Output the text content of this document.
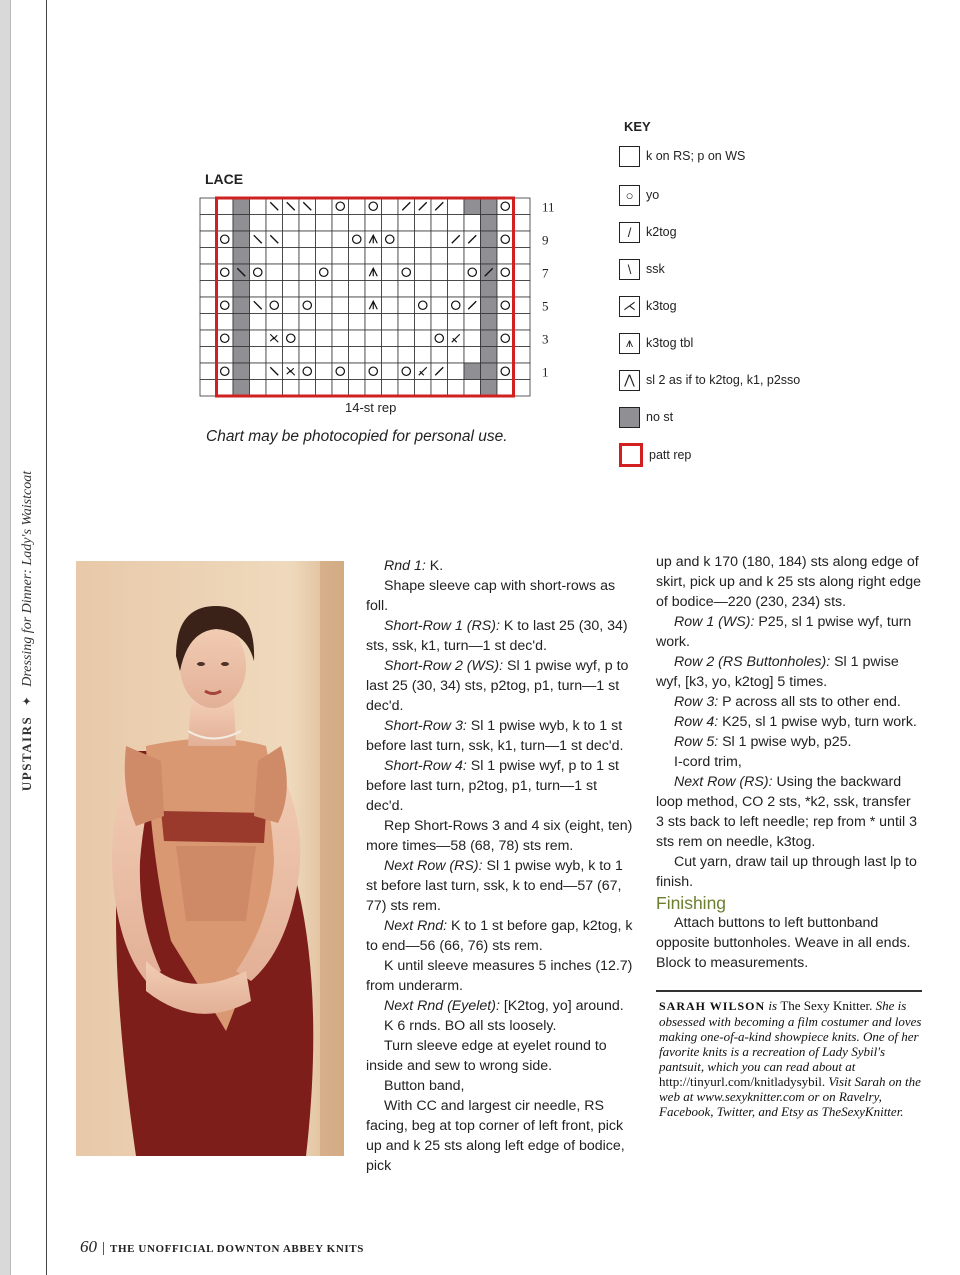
UPSTAIRS ✦ Dressing for Dinner: Lady's Waistcoat
LACE
11
9
7
5
3
1
14-st rep
Chart may be photocopied for personal use.
KEY
k on RS; p on WS
○	yo
/	k2tog
\	ssk
⋌ k3tog
⩚	k3tog tbl
⋀ sl 2 as if to k2tog, k1, p2sso
no st
patt rep

Rnd 1: K.

Shape sleeve cap with short-rows as foll.

Short-Row 1 (RS): K to last 25 (30, 34) sts, ssk, k1, turn—1 st dec'd.

Short-Row 2 (WS): Sl 1 pwise wyf, p to last 25 (30, 34) sts, p2tog, p1, turn—1 st dec'd.

Short-Row 3: Sl 1 pwise wyb, k to 1 st before last turn, ssk, k1, turn—1 st dec'd.

Short-Row 4: Sl 1 pwise wyf, p to 1 st before last turn, p2tog, p1, turn—1 st dec'd.

Rep Short-Rows 3 and 4 six (eight, ten) more times—58 (68, 78) sts rem.

Next Row (RS): Sl 1 pwise wyb, k to 1 st before last turn, ssk, k to end—57 (67, 77) sts rem.

Next Rnd: K to 1 st before gap, k2tog, k to end—56 (66, 76) sts rem.

K until sleeve measures 5 inches (12.7) from underarm.

Next Rnd (Eyelet): [K2tog, yo] around.

K 6 rnds. BO all sts loosely.

Turn sleeve edge at eyelet round to inside and sew to wrong side.

Button band,

With CC and largest cir needle, RS facing, beg at top corner of left front, pick up and k 25 sts along left edge of bodice, pick

up and k 170 (180, 184) sts along edge of skirt, pick up and k 25 sts along right edge of bodice—220 (230, 234) sts.

Row 1 (WS): P25, sl 1 pwise wyf, turn work.

Row 2 (RS Buttonholes): Sl 1 pwise wyf, [k3, yo, k2tog] 5 times.

Row 3: P across all sts to other end.

Row 4: K25, sl 1 pwise wyb, turn work.

Row 5: Sl 1 pwise wyb, p25.

I-cord trim,

Next Row (RS): Using the backward loop method, CO 2 sts, *k2, ssk, transfer 3 sts back to left needle; rep from * until 3 sts rem on needle, k3tog.

Cut yarn, draw tail up through last lp to finish.

Finishing

Attach buttons to left buttonband opposite buttonholes. Weave in all ends. Block to measurements.

SARAH WILSON is The Sexy Knitter. She is obsessed with becoming a film costumer and loves making one-of-a-kind showpiece knits. One of her favorite knits is a recreation of Lady Sybil's pantsuit, which you can read about at http://tinyurl.com/knitladysybil. Visit Sarah on the web at www.sexyknitter.com or on Ravelry, Facebook, Twitter, and Etsy as TheSexyKnitter.
60 | THE UNOFFICIAL DOWNTON ABBEY KNITS
